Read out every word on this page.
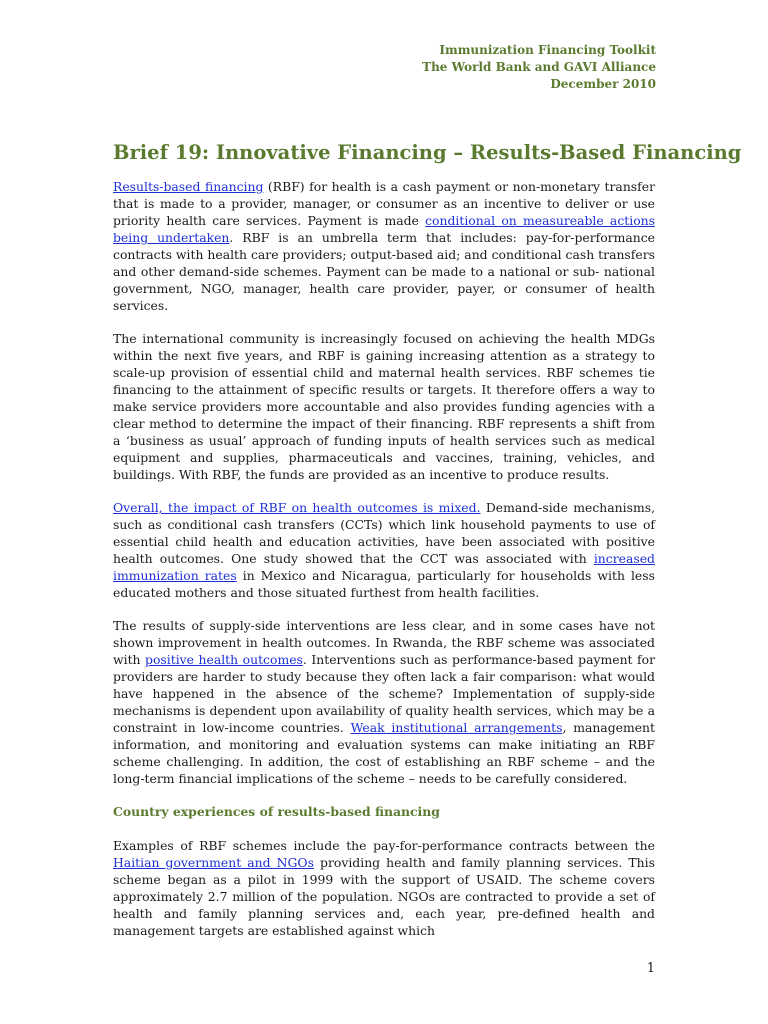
Immunization Financing Toolkit
The World Bank and GAVI Alliance
December 2010
Brief 19: Innovative Financing – Results-Based Financing

Results-based financing (RBF) for health is a cash payment or non-monetary transfer that is made to a provider, manager, or consumer as an incentive to deliver or use priority health care services. Payment is made conditional on measureable actions being undertaken. RBF is an umbrella term that includes: pay-for-performance contracts with health care providers; output-based aid; and conditional cash transfers and other demand-side schemes. Payment can be made to a national or sub- national government, NGO, manager, health care provider, payer, or consumer of health services.

The international community is increasingly focused on achieving the health MDGs within the next five years, and RBF is gaining increasing attention as a strategy to scale-up provision of essential child and maternal health services. RBF schemes tie financing to the attainment of specific results or targets. It therefore offers a way to make service providers more accountable and also provides funding agencies with a clear method to determine the impact of their financing. RBF represents a shift from a ‘business as usual’ approach of funding inputs of health services such as medical equipment and supplies, pharmaceuticals and vaccines, training, vehicles, and buildings. With RBF, the funds are provided as an incentive to produce results.

Overall, the impact of RBF on health outcomes is mixed. Demand-side mechanisms, such as conditional cash transfers (CCTs) which link household payments to use of essential child health and education activities, have been associated with positive health outcomes. One study showed that the CCT was associated with increased immunization rates in Mexico and Nicaragua, particularly for households with less educated mothers and those situated furthest from health facilities.

The results of supply-side interventions are less clear, and in some cases have not shown improvement in health outcomes. In Rwanda, the RBF scheme was associated with positive health outcomes. Interventions such as performance-based payment for providers are harder to study because they often lack a fair comparison: what would have happened in the absence of the scheme? Implementation of supply-side mechanisms is dependent upon availability of quality health services, which may be a constraint in low-income countries. Weak institutional arrangements, management information, and monitoring and evaluation systems can make initiating an RBF scheme challenging. In addition, the cost of establishing an RBF scheme – and the long-term financial implications of the scheme – needs to be carefully considered.

Country experiences of results-based financing

Examples of RBF schemes include the pay-for-performance contracts between the Haitian government and NGOs providing health and family planning services. This scheme began as a pilot in 1999 with the support of USAID. The scheme covers approximately 2.7 million of the population. NGOs are contracted to provide a set of health and family planning services and, each year, pre-defined health and management targets are established against which

1
